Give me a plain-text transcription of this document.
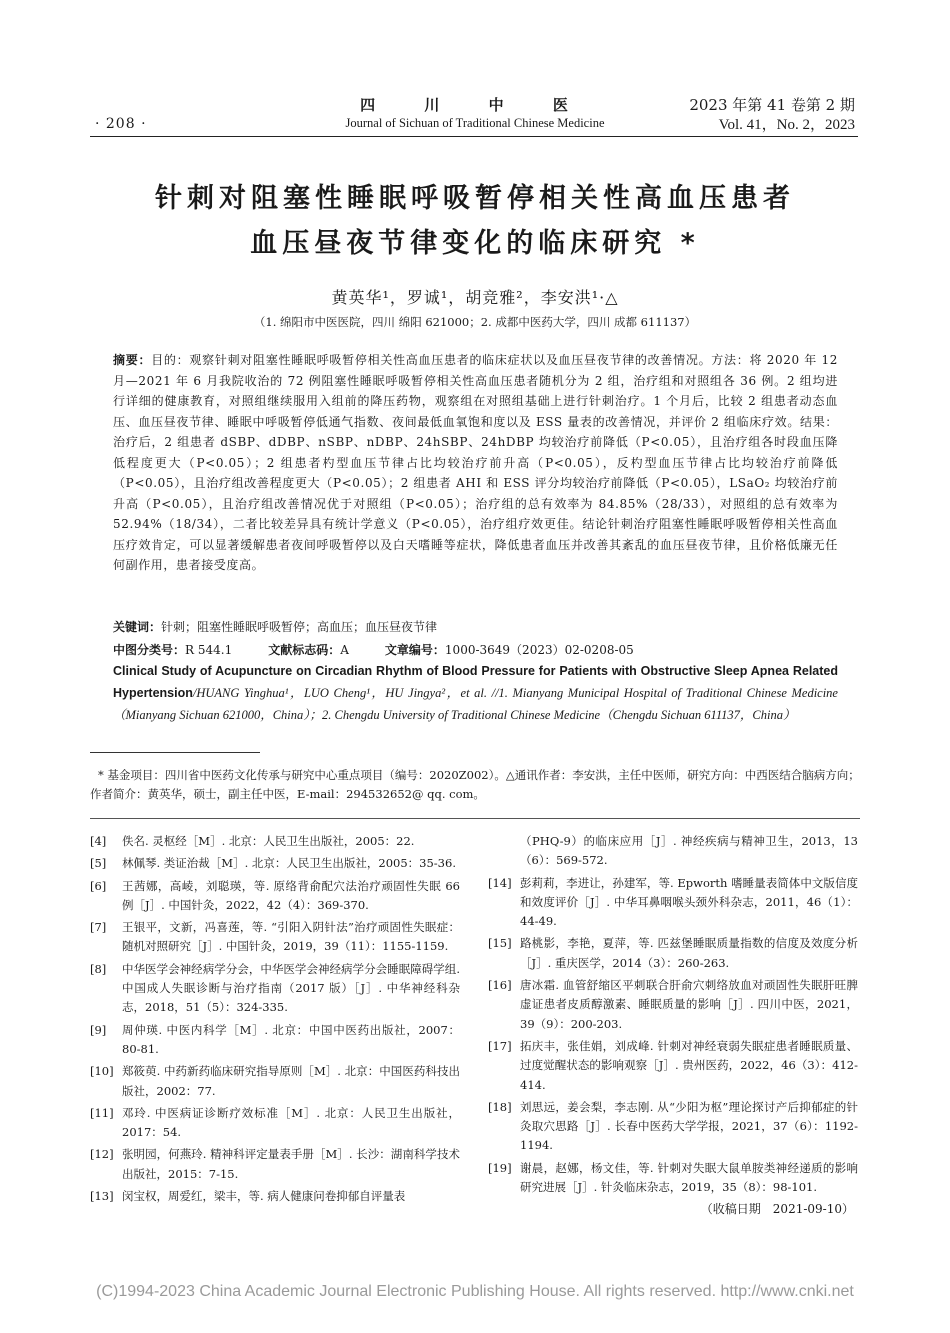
· 208 ·
四 川 中 医
Journal of Sichuan of Traditional Chinese Medicine
2023 年第 41 卷第 2 期
Vol. 41，No. 2，2023
针刺对阻塞性睡眠呼吸暂停相关性高血压患者
血压昼夜节律变化的临床研究 *
黄英华¹，罗诚¹，胡竞雅²，李安洪¹·△
（1. 绵阳市中医医院，四川 绵阳 621000；2. 成都中医药大学，四川 成都 611137）
摘要：目的：观察针刺对阻塞性睡眠呼吸暂停相关性高血压患者的临床症状以及血压昼夜节律的改善情况。方法：将 2020 年 12 月—2021 年 6 月我院收治的 72 例阻塞性睡眠呼吸暂停相关性高血压患者随机分为 2 组，治疗组和对照组各 36 例。2 组均进行详细的健康教育，对照组继续服用入组前的降压药物，观察组在对照组基础上进行针刺治疗。1 个月后，比较 2 组患者动态血压、血压昼夜节律、睡眠中呼吸暂停低通气指数、夜间最低血氧饱和度以及 ESS 量表的改善情况，并评价 2 组临床疗效。结果：治疗后，2 组患者 dSBP、dDBP、nSBP、nDBP、24hSBP、24hDBP 均较治疗前降低（P<0.05），且治疗组各时段血压降低程度更大（P<0.05）；2 组患者杓型血压节律占比均较治疗前升高（P<0.05），反杓型血压节律占比均较治疗前降低（P<0.05），且治疗组改善程度更大（P<0.05）；2 组患者 AHI 和 ESS 评分均较治疗前降低（P<0.05），LSaO₂ 均较治疗前升高（P<0.05），且治疗组改善情况优于对照组（P<0.05）；治疗组的总有效率为 84.85%（28/33），对照组的总有效率为 52.94%（18/34），二者比较差异具有统计学意义（P<0.05），治疗组疗效更佳。结论针刺治疗阻塞性睡眠呼吸暂停相关性高血压疗效肯定，可以显著缓解患者夜间呼吸暂停以及白天嗜睡等症状，降低患者血压并改善其紊乱的血压昼夜节律，且价格低廉无任何副作用，患者接受度高。
关键词：针刺；阻塞性睡眠呼吸暂停；高血压；血压昼夜节律
中图分类号：R 544.1	文献标志码：A	文章编号：1000-3649（2023）02-0208-05
Clinical Study of Acupuncture on Circadian Rhythm of Blood Pressure for Patients with Obstructive Sleep Apnea Related Hypertension/HUANG Yinghua¹，LUO Cheng¹，HU Jingya²，et al. //1. Mianyang Municipal Hospital of Traditional Chinese Medicine（Mianyang Sichuan 621000，China）；2. Chengdu University of Traditional Chinese Medicine（Chengdu Sichuan 611137，China）
* 基金项目：四川省中医药文化传承与研究中心重点项目（编号：2020Z002）。△通讯作者：李安洪，主任中医师，研究方向：中西医结合脑病方向；作者简介：黄英华，硕士，副主任中医，E-mail：294532652@ qq. com。
[4]	佚名. 灵枢经［M］. 北京：人民卫生出版社，2005：22.
[5]	林佩琴. 类证治裁［M］. 北京：人民卫生出版社，2005：35-36.
[6]	王茜娜，高崚，刘聪瑛，等. 原络背俞配穴法治疗顽固性失眠 66 例［J］. 中国针灸，2022，42（4）：369-370.
[7]	王银平，文新，冯喜莲，等. “引阳入阴针法”治疗顽固性失眠症：随机对照研究［J］. 中国针灸，2019，39（11）：1155-1159.
[8]	中华医学会神经病学分会，中华医学会神经病学分会睡眠障碍学组. 中国成人失眠诊断与治疗指南（2017 版）［J］. 中华神经科杂志，2018，51（5）：324-335.
[9]	周仲瑛. 中医内科学［M］. 北京：中国中医药出版社，2007：80-81.
[10] 郑筱萸. 中药新药临床研究指导原则［M］. 北京：中国医药科技出版社，2002：77.
[11] 邓玲. 中医病证诊断疗效标准［M］. 北京：人民卫生出版社，2017：54.
[12] 张明园，何燕玲. 精神科评定量表手册［M］. 长沙：湖南科学技术出版社，2015：7-15.
[13] 闵宝权，周爱红，梁丰，等. 病人健康问卷抑郁自评量表
（PHQ-9）的临床应用［J］. 神经疾病与精神卫生，2013，13（6）：569-572.
[14] 彭莉莉，李进让，孙建军，等. Epworth 嗜睡量表简体中文版信度和效度评价［J］. 中华耳鼻咽喉头颈外科杂志，2011，46（1）：44-49.
[15] 路桃影，李艳，夏萍，等. 匹兹堡睡眠质量指数的信度及效度分析［J］. 重庆医学，2014（3）：260-263.
[16] 唐冰霜. 血管舒缩区平刺联合肝俞穴刺络放血对顽固性失眠肝旺脾虚证患者皮质醇激素、睡眠质量的影响［J］. 四川中医，2021，39（9）：200-203.
[17] 拓庆丰，张佳娟，刘成峰. 针刺对神经衰弱失眠症患者睡眠质量、过度觉醒状态的影响观察［J］. 贵州医药，2022，46（3）：412-414.
[18] 刘思远，姜会梨，李志刚. 从“少阳为枢”理论探讨产后抑郁症的针灸取穴思路［J］. 长春中医药大学学报，2021，37（6）：1192-1194.
[19] 谢晨，赵娜，杨文佳，等. 针刺对失眠大鼠单胺类神经递质的影响研究进展［J］. 针灸临床杂志，2019，35（8）：98-101.
（收稿日期　2021-09-10）
(C)1994-2023 China Academic Journal Electronic Publishing House. All rights reserved. http://www.cnki.net
